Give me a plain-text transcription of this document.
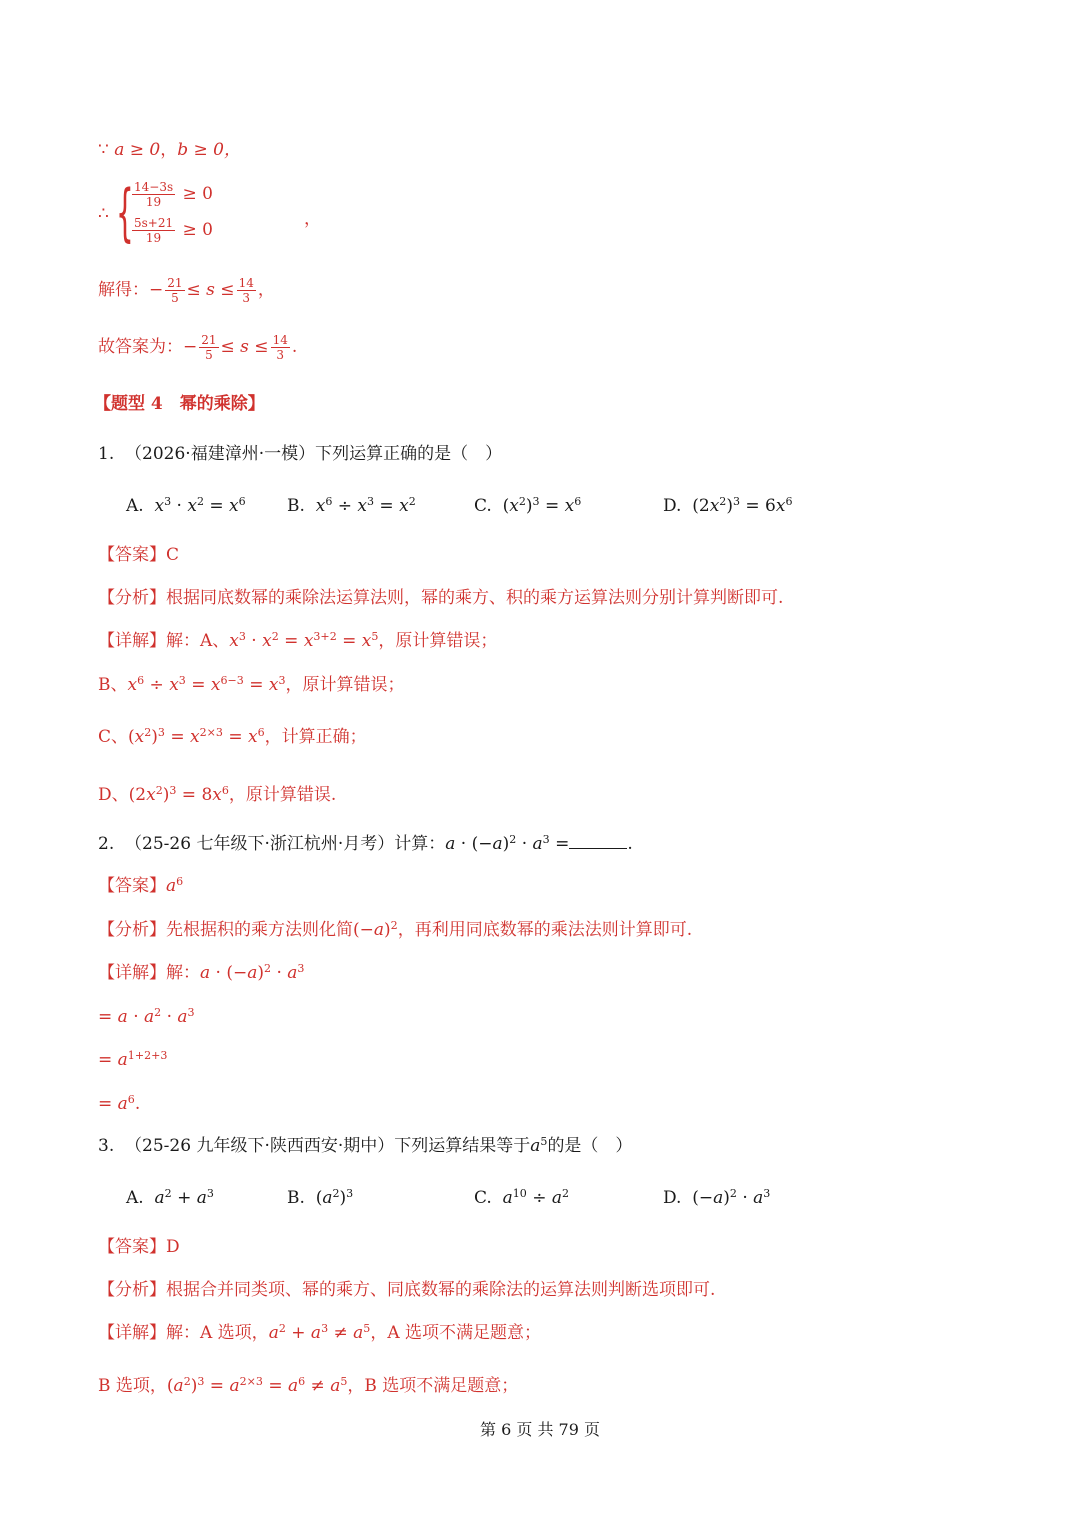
∵ a ≥ 0，b ≥ 0，
∴ {
$\frac{14-3s}{19} \ge 0$
$\frac{5s+21}{19} \ge 0$
，
解得：− $\frac{21}{5} \le s \le \frac{14}{3}$ ，
故答案为：− $\frac{21}{5} \le s \le \frac{14}{3}$ .
【题型 4　幂的乘除】
1. （2026·福建漳州·一模）下列运算正确的是（　）
A. $x^3 \cdot x^2 = x^6$ B. $x^6 \div x^3 = x^2$	C.  $(x^2)^3 = x^6$	D.  $(2x^2)^3 = 6x^6$
【答案】C
【分析】根据同底数幂的乘除法运算法则，幂的乘方、积的乘方运算法则分别计算判断即可.
【详解】解：A、$x^3 \cdot x^2 = x^{3+2} = x^5$，原计算错误；
B、$x^6 \div x^3 = x^{6-3} = x^3$，原计算错误；
C、$(x^2)^3 = x^{2\times 3} = x^6$，计算正确；
D、$(2x^2)^3 = 8x^6$，原计算错误.
2. （25-26 七年级下·浙江杭州·月考）计算：$a \cdot (-a)^2 \cdot a^3$ =	.
【答案】$a^6$
【分析】先根据积的乘方法则化简$(-a)^2$，再利用同底数幂的乘法法则计算即可.
【详解】解：$a \cdot (-a)^2 \cdot a^3$
= $a \cdot a^2 \cdot a^3$
= $a^{1+2+3}$
= $a^6$.
3. （25-26 九年级下·陕西西安·期中）下列运算结果等于$a^5$的是（　）
A. $a^2 + a^3$	B.  $(a^2)^3$	C. $a^{10} \div a^2$	D.  $(-a)^2 \cdot a^3$
【答案】D
【分析】根据合并同类项、幂的乘方、同底数幂的乘除法的运算法则判断选项即可.
【详解】解：A 选项，$a^2 + a^3 \ne a^5$，A 选项不满足题意；
B 选项，$(a^2)^3 = a^{2\times 3} = a^6 \ne a^5$，B 选项不满足题意；
第 6 页 共 79 页
